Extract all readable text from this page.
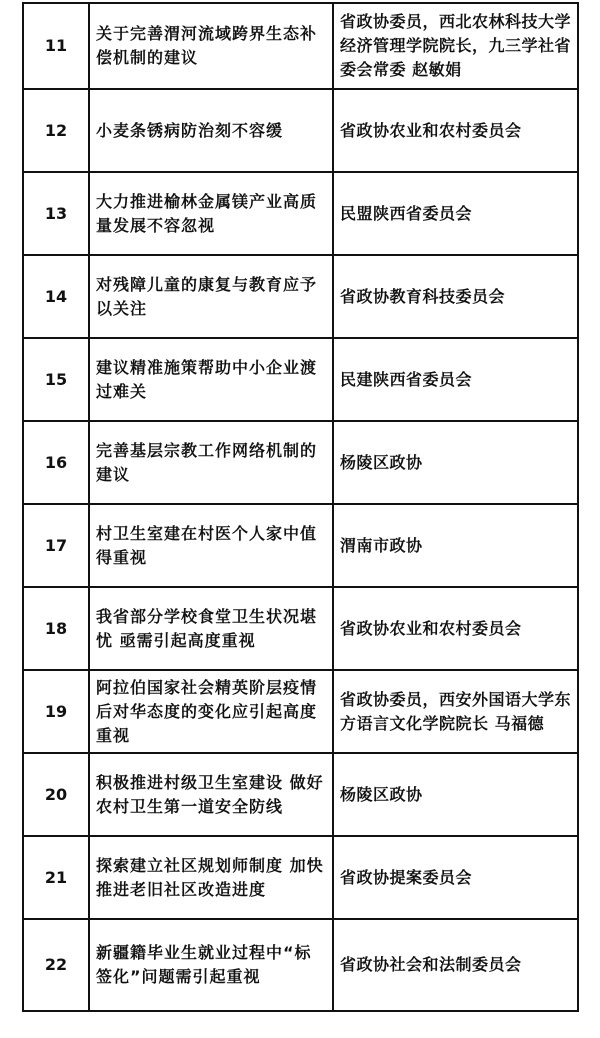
11	关于完善渭河流域跨界生态补偿机制的建议	省政协委员，西北农林科技大学经济管理学院院长，九三学社省委会常委 赵敏娟
12	小麦条锈病防治刻不容缓	省政协农业和农村委员会
13	大力推进榆林金属镁产业高质量发展不容忽视	民盟陕西省委员会
14	对残障儿童的康复与教育应予以关注	省政协教育科技委员会
15	建议精准施策帮助中小企业渡过难关	民建陕西省委员会
16	完善基层宗教工作网络机制的建议	杨陵区政协
17	村卫生室建在村医个人家中值得重视	渭南市政协
18	我省部分学校食堂卫生状况堪忧 亟需引起高度重视	省政协农业和农村委员会
19	阿拉伯国家社会精英阶层疫情后对华态度的变化应引起高度重视	省政协委员，西安外国语大学东方语言文化学院院长 马福德
20	积极推进村级卫生室建设 做好农村卫生第一道安全防线	杨陵区政协
21	探索建立社区规划师制度 加快推进老旧社区改造进度	省政协提案委员会
22	新疆籍毕业生就业过程中“标签化”问题需引起重视	省政协社会和法制委员会
